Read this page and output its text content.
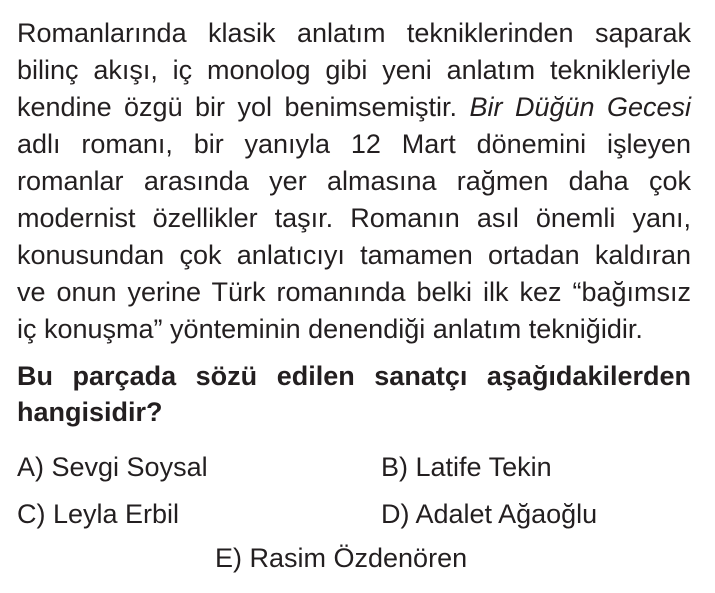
Romanlarında klasik anlatım tekniklerinden saparak
bilinç akışı, iç monolog gibi yeni anlatım teknikleriyle
kendine özgü bir yol benimsemiştir. Bir Düğün Gecesi
adlı romanı, bir yanıyla 12 Mart dönemini işleyen
romanlar arasında yer almasına rağmen daha çok
modernist özellikler taşır. Romanın asıl önemli yanı,
konusundan çok anlatıcıyı tamamen ortadan kaldıran
ve onun yerine Türk romanında belki ilk kez “bağımsız
iç konuşma” yönteminin denendiği anlatım tekniğidir.
Bu parçada sözü edilen sanatçı aşağıdakilerden
hangisidir?
A) Sevgi Soysal	B) Latife Tekin
C) Leyla Erbil	D) Adalet Ağaoğlu
E) Rasim Özdenören
